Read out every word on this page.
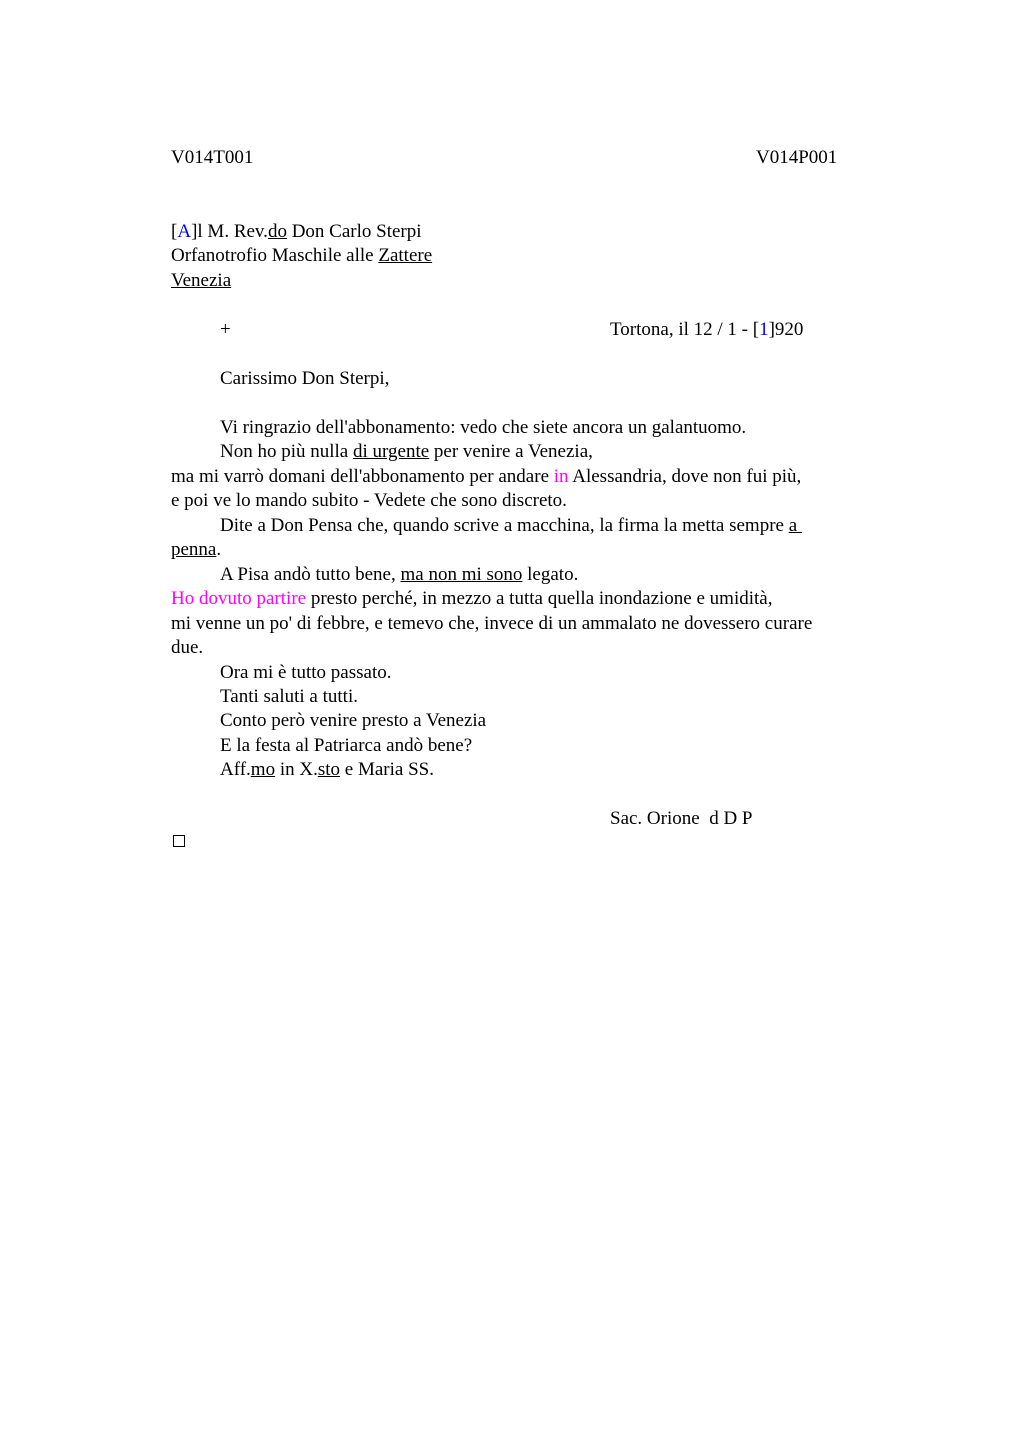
V014T001	V014P001
[A]l M. Rev.do Don Carlo Sterpi
Orfanotrofio Maschile alle Zattere
Venezia
+	Tortona, il 12 / 1 - [1]920
Carissimo Don Sterpi,
Vi ringrazio dell'abbonamento: vedo che siete ancora un galantuomo.
Non ho più nulla di urgente per venire a Venezia,
ma mi varrò domani dell'abbonamento per andare in Alessandria, dove non fui più,
e poi ve lo mando subito - Vedete che sono discreto.
Dite a Don Pensa che, quando scrive a macchina, la firma la metta sempre a
penna.
A Pisa andò tutto bene, ma non mi sono legato.
Ho dovuto partire presto perché, in mezzo a tutta quella inondazione e umidità,
mi venne un po' di febbre, e temevo che, invece di un ammalato ne dovessero curare
due.
Ora mi è tutto passato.
Tanti saluti a tutti.
Conto però venire presto a Venezia
E la festa al Patriarca andò bene?
Aff.mo in X.sto e Maria SS.
Sac. Orione  d D P
